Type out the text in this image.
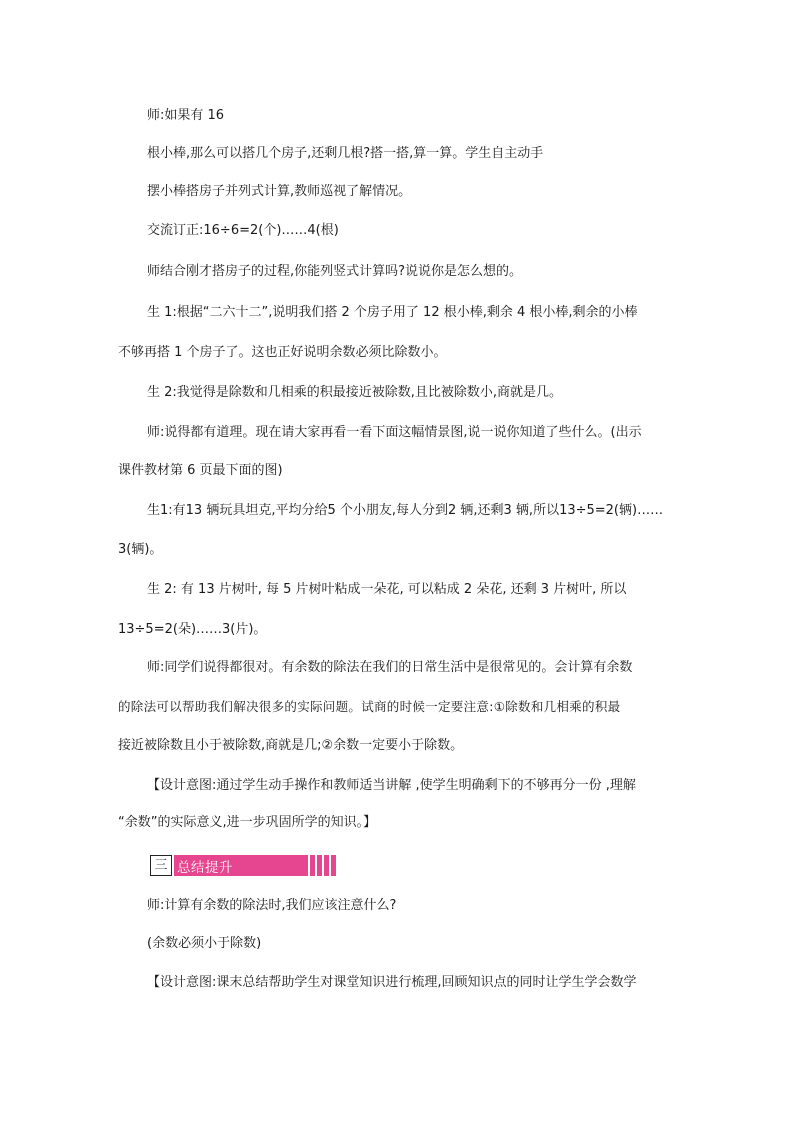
师:如果有 16

根小棒,那么可以搭几个房子,还剩几根?搭一搭,算一算。学生自主动手

摆小棒搭房子并列式计算,教师巡视了解情况。

交流订正:16÷6=2(个)……4(根)

师结合刚才搭房子的过程,你能列竖式计算吗?说说你是怎么想的。

生 1:根据“二六十二”,说明我们搭 2 个房子用了 12 根小棒,剩余 4 根小棒,剩余的小棒

不够再搭 1 个房子了。这也正好说明余数必须比除数小。

生 2:我觉得是除数和几相乘的积最接近被除数,且比被除数小,商就是几。

师:说得都有道理。现在请大家再看一看下面这幅情景图,说一说你知道了些什么。(出示

课件教材第 6 页最下面的图)

生1:有13 辆玩具坦克,平均分给5 个小朋友,每人分到2 辆,还剩3 辆,所以13÷5=2(辆)……

3(辆)。

生 2: 有 13 片树叶, 每 5 片树叶粘成一朵花, 可以粘成 2 朵花, 还剩 3 片树叶, 所以

13÷5=2(朵)……3(片)。

师:同学们说得都很对。有余数的除法在我们的日常生活中是很常见的。会计算有余数

的除法可以帮助我们解决很多的实际问题。试商的时候一定要注意:①除数和几相乘的积最

接近被除数且小于被除数,商就是几;②余数一定要小于除数。

【设计意图:通过学生动手操作和教师适当讲解 ,使学生明确剩下的不够再分一份 ,理解

“余数”的实际意义,进一步巩固所学的知识。】

三 总结提升

师:计算有余数的除法时,我们应该注意什么?

(余数必须小于除数)

【设计意图:课末总结帮助学生对课堂知识进行梳理,回顾知识点的同时让学生学会数学
